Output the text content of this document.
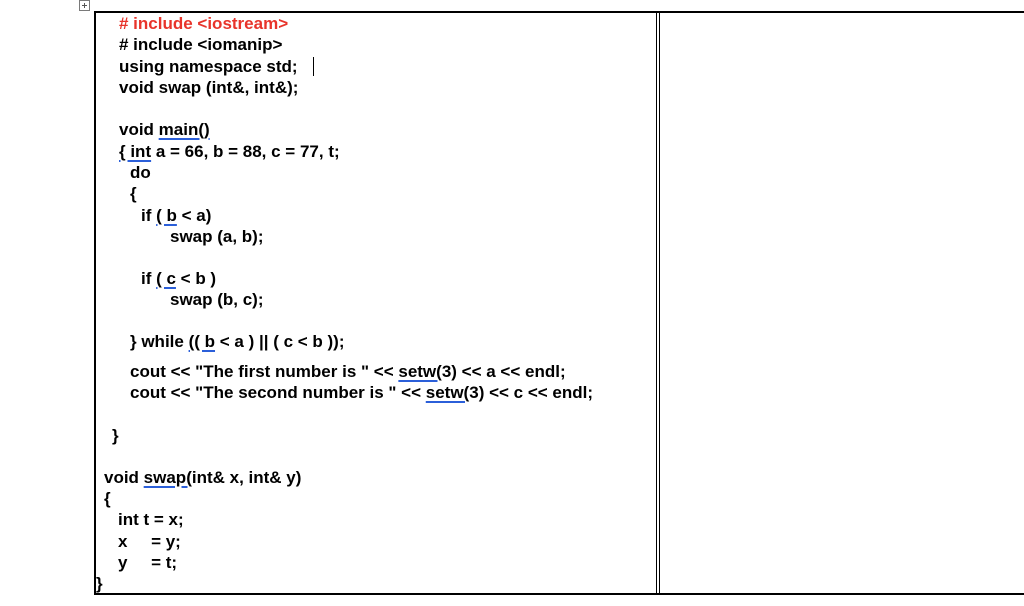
# include <iostream>
# include <iomanip>
using namespace std;
void swap (int&, int&);
void main()
{ int a = 66, b = 88, c = 77, t;
do
{
if ( b < a)
swap (a, b);
if ( c < b )
swap (b, c);
} while (( b < a ) || ( c < b ));
cout << "The first number is " << setw(3) << a << endl;
cout << "The second number is " << setw(3) << c << endl;
}
void swap(int& x, int& y)
{
int t = x;
x     = y;
y     = t;
}
